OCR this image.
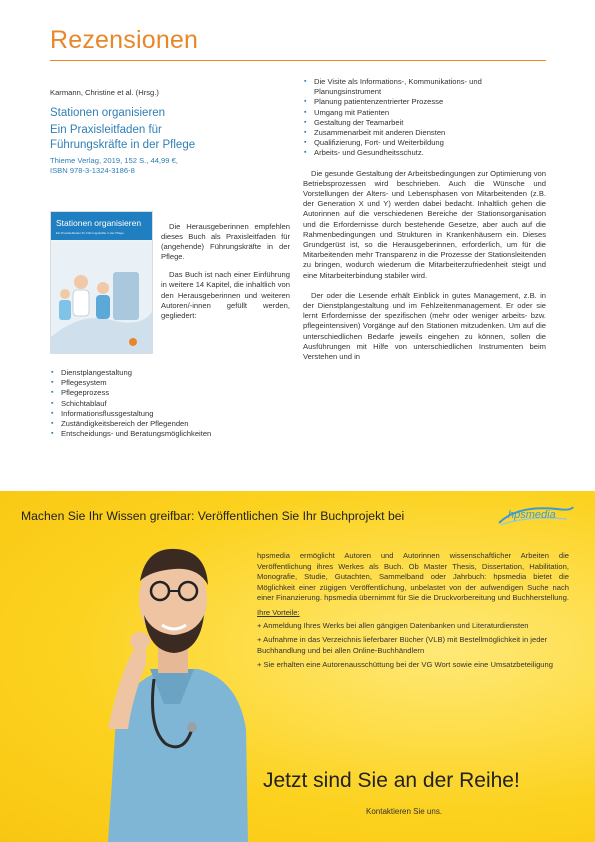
Rezensionen

Karmann, Christine et al. (Hrsg.)

Stationen organisieren

Ein Praxisleitfaden für
Führungskräfte in der Pflege
Thieme Verlag, 2019, 152 S., 44,99 €,
ISBN 978-3-1324-3186-8
Stationen organisieren
Ein Praxisleitfaden für Führungskräfte in der Pflege

Die Herausgeberinnen empfehlen dieses Buch als Praxisleitfaden für (angehende) Führungskräfte in der Pflege.

Das Buch ist nach einer Einführung in weitere 14 Kapitel, die inhaltlich von den Herausgeberinnen und weiteren Autoren/-innen gefüllt werden, gegliedert:

▪ Dienstplangestaltung
▪ Pflegesystem
▪ Pflegeprozess
▪ Schichtablauf
▪ Informationsflussgestaltung
▪ Zuständigkeitsbereich der Pflegenden
▪ Entscheidungs- und Beratungsmöglichkeiten
▪ Die Visite als Informations-, Kommunikations- und Planungsinstrument
▪ Planung patientenzentrierter Prozesse
▪ Umgang mit Patienten
▪ Gestaltung der Teamarbeit
▪ Zusammenarbeit mit anderen Diensten
▪ Qualifizierung, Fort- und Weiterbildung
▪ Arbeits- und Gesundheitsschutz.

Die gesunde Gestaltung der Arbeitsbedingungen zur Optimierung von Betriebsprozessen wird beschrieben. Auch die Wünsche und Vorstellungen der Alters- und Lebensphasen von Mitarbeitenden (z.B. der Generation X und Y) werden dabei bedacht. Inhaltlich gehen die Autorinnen auf die verschiedenen Bereiche der Stationsorganisation und die Erfordernisse durch bestehende Gesetze, aber auch auf die Rahmenbedingungen und Strukturen in Krankenhäusern ein. Dieses Grundgerüst ist, so die Herausgeberinnen, erforderlich, um für die Mitarbeitenden mehr Transparenz in die Prozesse der Stationsleitenden zu bringen, wodurch wiederum die Mitarbeiterzufriedenheit steigt und eine Mitarbeiterbindung stabiler wird.

Der oder die Lesende erhält Einblick in gutes Management, z.B. in der Dienstplangestaltung und im Fehlzeitenmanagement. Er oder sie lernt Erfordernisse der spezifischen (mehr oder weniger arbeits- bzw. pflegeintensiven) Vorgänge auf den Stationen mitzudenken. Um auf die unterschiedlichen Bedarfe jeweils eingehen zu können, sollen die Ausführungen mit Hilfe von unterschiedlichen Instrumenten beim Verstehen und in

Machen Sie Ihr Wissen greifbar: Veröffentlichen Sie Ihr Buchprojekt bei	hpsmedia

hpsmedia ermöglicht Autoren und Autorinnen wissenschaftlicher Arbeiten die Veröffentlichung ihres Werkes als Buch. Ob Master Thesis, Dissertation, Habilitation, Monografie, Studie, Gutachten, Sammelband oder Jahrbuch: hpsmedia bietet die Möglichkeit einer zügigen Veröffentlichung, unbelastet von der aufwendigen Suche nach einer Finanzierung. hpsmedia übernimmt für Sie die Druckvorbereitung und Buchherstellung.

Ihre Vorteile:
+ Anmeldung Ihres Werks bei allen gängigen Datenbanken und Literaturdiensten
+ Aufnahme in das Verzeichnis lieferbarer Bücher (VLB) mit Bestellmöglichkeit in jeder Buchhandlung und bei allen Online-Buchhändlern
+ Sie erhalten eine Autorenausschüttung bei der VG Wort sowie eine Umsatzbeteiligung
Jetzt sind Sie an der Reihe!
Kontaktieren Sie uns.
